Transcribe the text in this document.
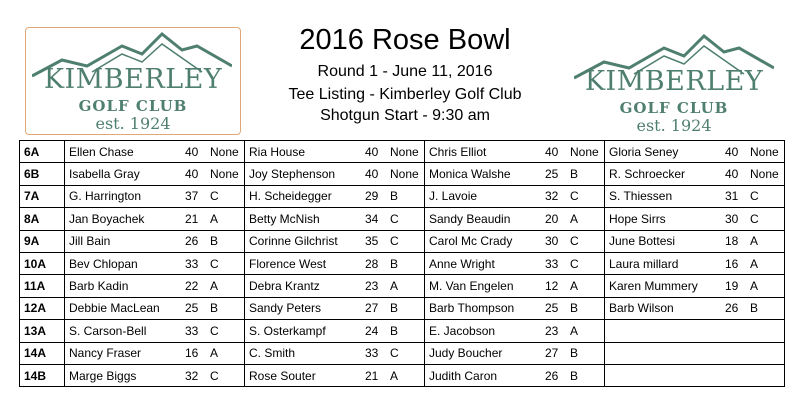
KIMBERLEY
GOLF CLUB
est. 1924
KIMBERLEY
GOLF CLUB
est. 1924
2016 Rose Bowl
Round 1 - June 11, 2016
Tee Listing - Kimberley Golf Club
Shotgun Start - 9:30 am
6A	Ellen Chase	40	None	Ria House	40	None	Chris Elliot	40	None	Gloria Seney	40	None
6B	Isabella Gray	40	None	Joy Stephenson	40	None	Monica Walshe	25	B	R. Schroecker	40	None
7A	G. Harrington	37	C	H. Scheidegger	29	B	J. Lavoie	32	C	S. Thiessen	31	C
8A	Jan Boyachek	21	A	Betty McNish	34	C	Sandy Beaudin	20	A	Hope Sirrs	30	C
9A	Jill Bain	26	B	Corinne Gilchrist	35	C	Carol Mc Crady	30	C	June Bottesi	18	A
10A	Bev Chlopan	33	C	Florence West	28	B	Anne Wright	33	C	Laura millard	16	A
11A	Barb Kadin	22	A	Debra Krantz	23	A	M. Van Engelen	12	A	Karen Mummery	19	A
12A	Debbie MacLean	25	B	Sandy Peters	27	B	Barb Thompson	25	B	Barb Wilson	26	B
13A	S. Carson-Bell	33	C	S. Osterkampf	24	B	E. Jacobson	23	A			
14A	Nancy Fraser	16	A	C. Smith	33	C	Judy Boucher	27	B			
14B	Marge Biggs	32	C	Rose Souter	21	A	Judith Caron	26	B			
